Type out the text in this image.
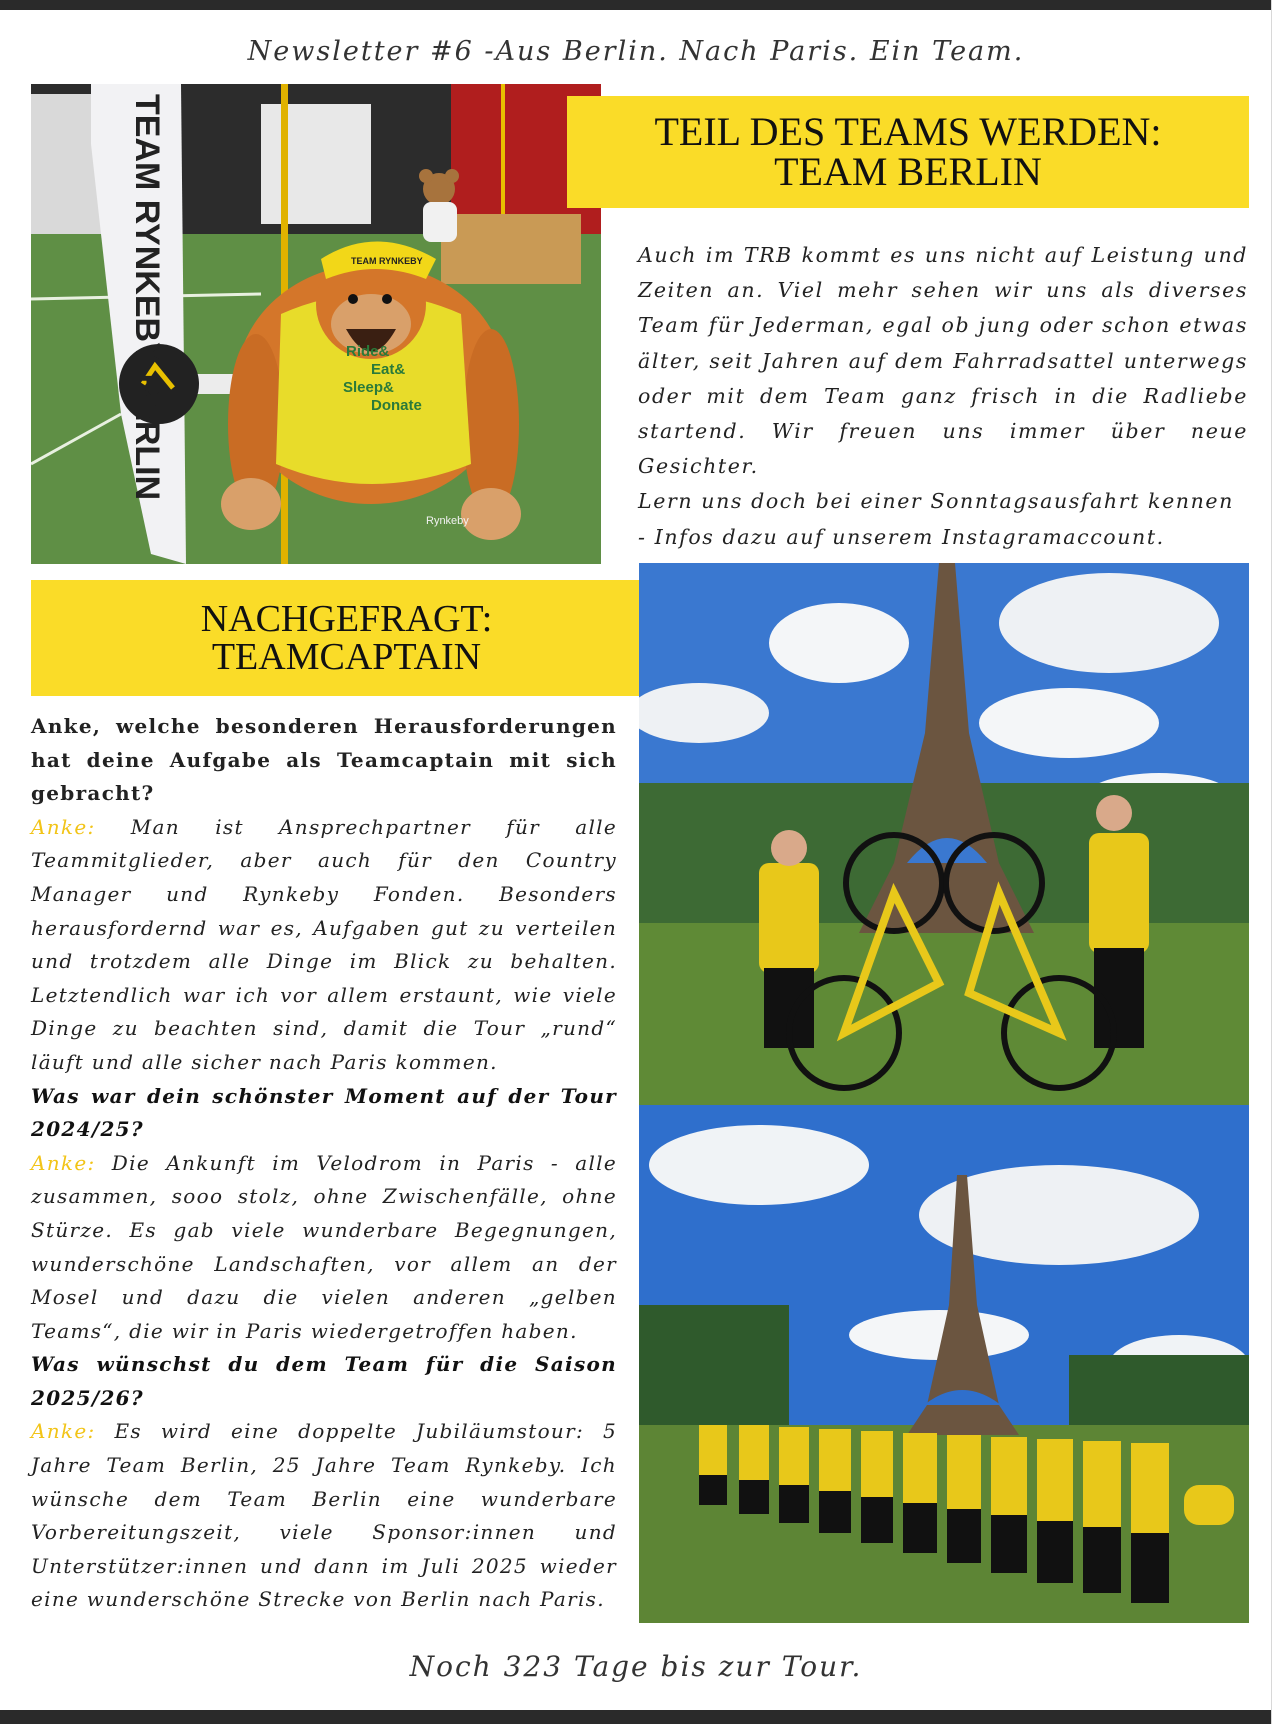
Newsletter #6 -Aus Berlin. Nach Paris. Ein Team.
TEAM RYNKEBY BERLIN	TEAM RYNKEBY
Ride&
Eat&
Sleep&
Donate
Rynkeby
TEIL DES TEAMS WERDEN:
TEAM BERLIN

Auch im TRB kommt es uns nicht auf Leistung und Zeiten an. Viel mehr sehen wir uns als diverses Team für Jederman, egal ob jung oder schon etwas älter, seit Jahren auf dem Fahrradsattel unterwegs oder mit dem Team ganz frisch in die Radliebe startend. Wir freuen uns immer über neue Gesichter.

Lern uns doch bei einer Sonntagsausfahrt kennen - Infos dazu auf unserem Instagramaccount.

NACHGEFRAGT:
TEAMCAPTAIN

Anke, welche besonderen Herausforderungen hat deine Aufgabe als Teamcaptain mit sich gebracht?

Anke: Man ist Ansprechpartner für alle Teammitglieder, aber auch für den Country Manager und Rynkeby Fonden. Besonders herausfordernd war es, Aufgaben gut zu verteilen und trotzdem alle Dinge im Blick zu behalten. Letztendlich war ich vor allem erstaunt, wie viele Dinge zu beachten sind, damit die Tour „rund“ läuft und alle sicher nach Paris kommen.

Was war dein schönster Moment auf der Tour 2024/25?

Anke: Die Ankunft im Velodrom in Paris - alle zusammen, sooo stolz, ohne Zwischenfälle, ohne Stürze. Es gab viele wunderbare Begegnungen, wunderschöne Landschaften, vor allem an der Mosel und dazu die vielen anderen „gelben Teams“, die wir in Paris wiedergetroffen haben.

Was wünschst du dem Team für die Saison 2025/26?

Anke: Es wird eine doppelte Jubiläumstour: 5 Jahre Team Berlin, 25 Jahre Team Rynkeby. Ich wünsche dem Team Berlin eine wunderbare Vorbereitungszeit, viele Sponsor:innen und Unterstützer:innen und dann im Juli 2025 wieder eine wunderschöne Strecke von Berlin nach Paris.

Noch 323 Tage bis zur Tour.
